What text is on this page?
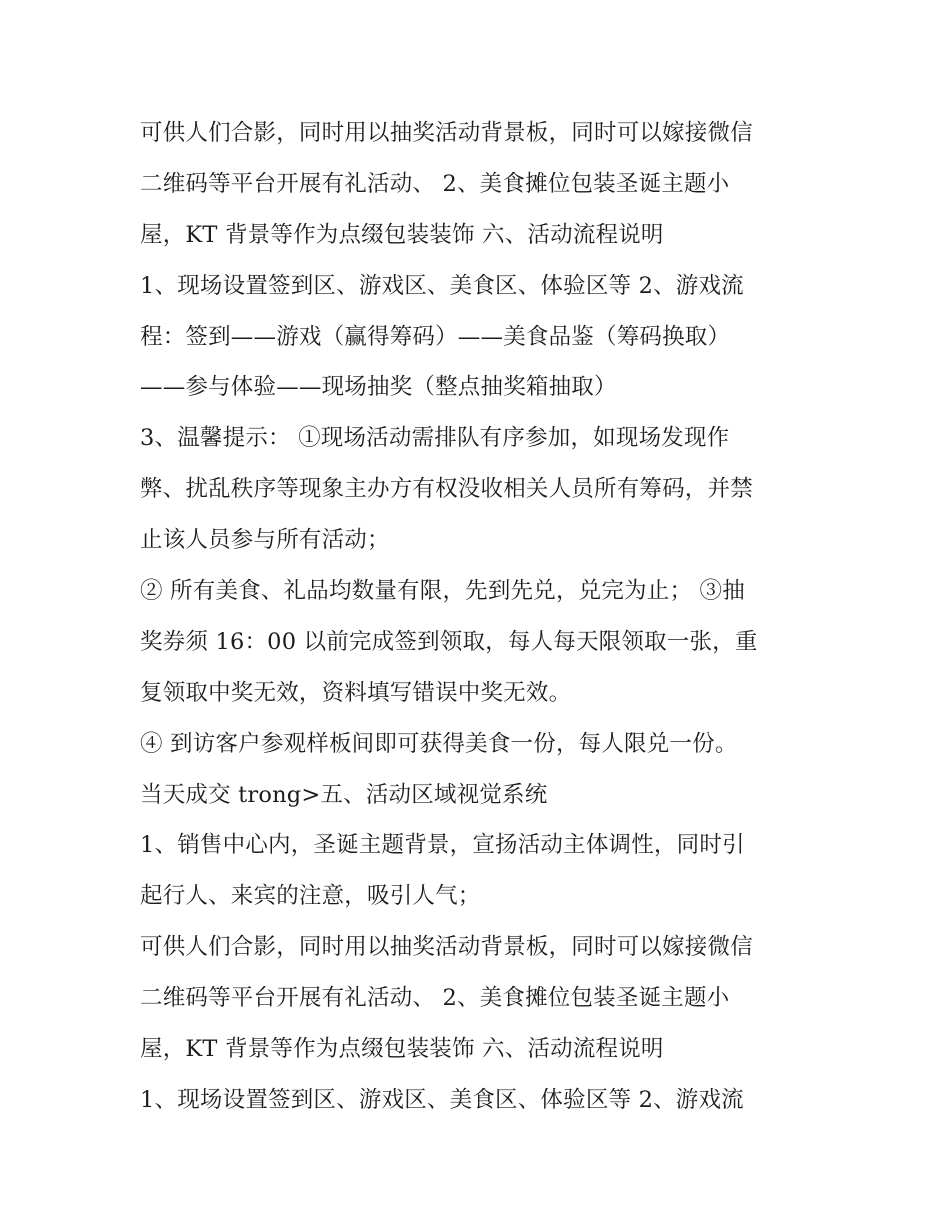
可供人们合影，同时用以抽奖活动背景板，同时可以嫁接微信
二维码等平台开展有礼活动、 2、美食摊位包装圣诞主题小
屋，KT 背景等作为点缀包装装饰 六、活动流程说明
1、现场设置签到区、游戏区、美食区、体验区等 2、游戏流
程：签到——游戏（赢得筹码）——美食品鉴（筹码换取）
——参与体验——现场抽奖（整点抽奖箱抽取）
3、温馨提示： ①现场活动需排队有序参加，如现场发现作
弊、扰乱秩序等现象主办方有权没收相关人员所有筹码，并禁
止该人员参与所有活动；
② 所有美食、礼品均数量有限，先到先兑，兑完为止； ③抽
奖券须 16：00 以前完成签到领取，每人每天限领取一张，重
复领取中奖无效，资料填写错误中奖无效。
④ 到访客户参观样板间即可获得美食一份，每人限兑一份。
当天成交 trong>五、活动区域视觉系统
1、销售中心内，圣诞主题背景，宣扬活动主体调性，同时引
起行人、来宾的注意，吸引人气；
可供人们合影，同时用以抽奖活动背景板，同时可以嫁接微信
二维码等平台开展有礼活动、 2、美食摊位包装圣诞主题小
屋，KT 背景等作为点缀包装装饰 六、活动流程说明
1、现场设置签到区、游戏区、美食区、体验区等 2、游戏流
